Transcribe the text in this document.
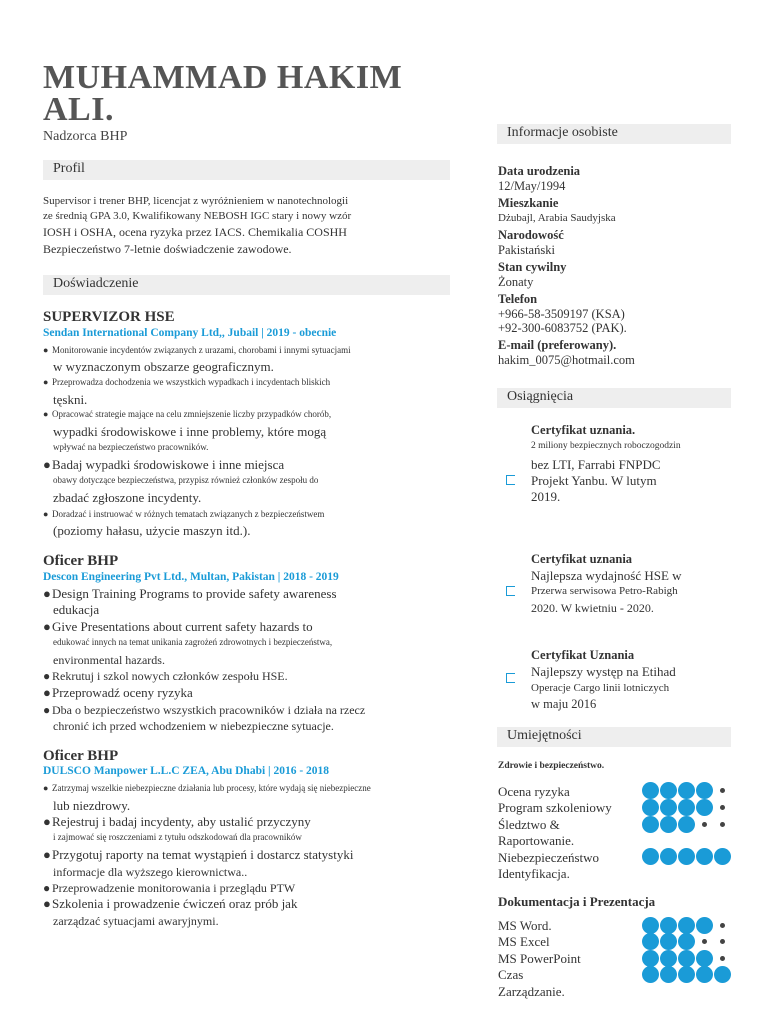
MUHAMMAD HAKIM ALI.
Nadzorca BHP
Profil
Supervisor i trener BHP, licencjat z wyróżnieniem w nanotechnologii
ze średnią GPA 3.0, Kwalifikowany NEBOSH IGC stary i nowy wzór
IOSH i OSHA, ocena ryzyka przez IACS. Chemikalia COSHH
Bezpieczeństwo 7-letnie doświadczenie zawodowe.
Doświadczenie
SUPERVIZOR HSE
Sendan International Company Ltd,, Jubail | 2019 - obecnie
● Monitorowanie incydentów związanych z urazami, chorobami i innymi sytuacjami
w wyznaczonym obszarze geograficznym.
● Przeprowadza dochodzenia we wszystkich wypadkach i incydentach bliskich
tęskni.
● Opracować strategie mające na celu zmniejszenie liczby przypadków chorób,
wypadki środowiskowe i inne problemy, które mogą
wpływać na bezpieczeństwo pracowników.
●Badaj wypadki środowiskowe i inne miejsca
obawy dotyczące bezpieczeństwa, przypisz również członków zespołu do
zbadać zgłoszone incydenty.
● Doradzać i instruować w różnych tematach związanych z bezpieczeństwem
(poziomy hałasu, użycie maszyn itd.).
Oficer BHP
Descon Engineering Pvt Ltd., Multan, Pakistan | 2018 - 2019
●Design Training Programs to provide safety awareness
edukacja
●Give Presentations about current safety hazards to
edukować innych na temat unikania zagrożeń zdrowotnych i bezpieczeństwa,
environmental hazards.
● Rekrutuj i szkol nowych członków zespołu HSE.
●Przeprowadź oceny ryzyka
● Dba o bezpieczeństwo wszystkich pracowników i działa na rzecz
chronić ich przed wchodzeniem w niebezpieczne sytuacje.
Oficer BHP
DULSCO Manpower L.L.C ZEA, Abu Dhabi | 2016 - 2018
● Zatrzymaj wszelkie niebezpieczne działania lub procesy, które wydają się niebezpieczne
lub niezdrowy.
●Rejestruj i badaj incydenty, aby ustalić przyczyny
i zajmować się roszczeniami z tytułu odszkodowań dla pracowników
●Przygotuj raporty na temat wystąpień i dostarcz statystyki
informacje dla wyższego kierownictwa..
● Przeprowadzenie monitorowania i przeglądu PTW
●Szkolenia i prowadzenie ćwiczeń oraz prób jak
zarządzać sytuacjami awaryjnymi.
Informacje osobiste
Data urodzenia
12/May/1994
Mieszkanie
Dżubajl, Arabia Saudyjska
Narodowość
Pakistański
Stan cywilny
Żonaty
Telefon
+966-58-3509197 (KSA)
+92-300-6083752 (PAK).
E-mail (preferowany).
hakim_0075@hotmail.com
Osiągnięcia
Certyfikat uznania.
2 miliony bezpiecznych roboczogodzin
bez LTI, Farrabi FNPDC
Projekt Yanbu. W lutym
2019.
Certyfikat uznania
Najlepsza wydajność HSE w
Przerwa serwisowa Petro-Rabigh
2020. W kwietniu - 2020.
Certyfikat Uznania
Najlepszy występ na Etihad
Operacje Cargo linii lotniczych
w maju 2016
Umiejętności
Zdrowie i bezpieczeństwo.
Ocena ryzyka
Program szkoleniowy
Śledztwo &
Raportowanie.
Niebezpieczeństwo
Identyfikacja.
Dokumentacja i Prezentacja
MS Word.
MS Excel
MS PowerPoint
Czas
Zarządzanie.
